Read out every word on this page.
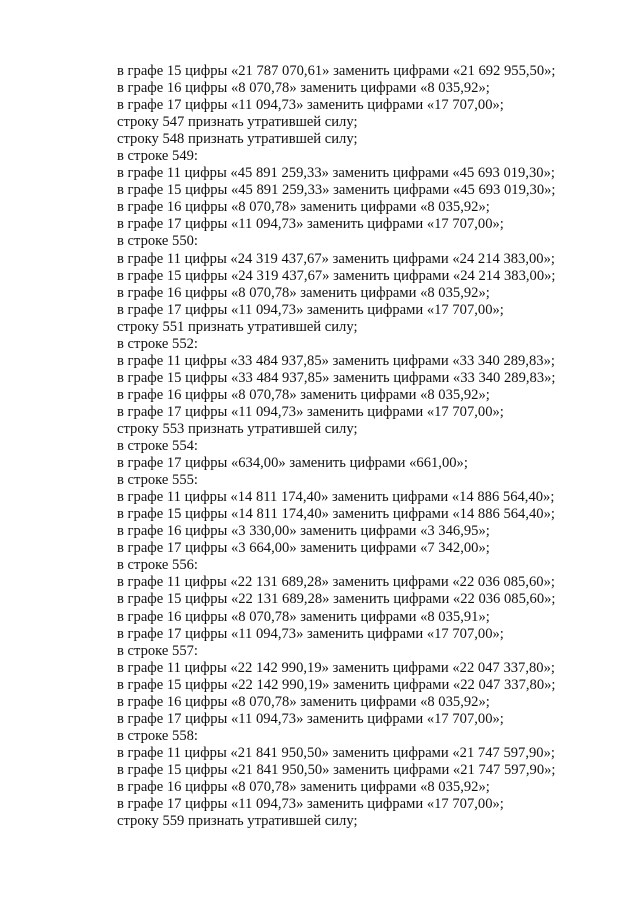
в графе 15 цифры «21 787 070,61» заменить цифрами «21 692 955,50»;
в графе 16 цифры «8 070,78» заменить цифрами «8 035,92»;
в графе 17 цифры «11 094,73» заменить цифрами «17 707,00»;
строку 547 признать утратившей силу;
строку 548 признать утратившей силу;
в строке 549:
в графе 11 цифры «45 891 259,33» заменить цифрами «45 693 019,30»;
в графе 15 цифры «45 891 259,33» заменить цифрами «45 693 019,30»;
в графе 16 цифры «8 070,78» заменить цифрами «8 035,92»;
в графе 17 цифры «11 094,73» заменить цифрами «17 707,00»;
в строке 550:
в графе 11 цифры «24 319 437,67» заменить цифрами «24 214 383,00»;
в графе 15 цифры «24 319 437,67» заменить цифрами «24 214 383,00»;
в графе 16 цифры «8 070,78» заменить цифрами «8 035,92»;
в графе 17 цифры «11 094,73» заменить цифрами «17 707,00»;
строку 551 признать утратившей силу;
в строке 552:
в графе 11 цифры «33 484 937,85» заменить цифрами «33 340 289,83»;
в графе 15 цифры «33 484 937,85» заменить цифрами «33 340 289,83»;
в графе 16 цифры «8 070,78» заменить цифрами «8 035,92»;
в графе 17 цифры «11 094,73» заменить цифрами «17 707,00»;
строку 553 признать утратившей силу;
в строке 554:
в графе 17 цифры «634,00» заменить цифрами «661,00»;
в строке 555:
в графе 11 цифры «14 811 174,40» заменить цифрами «14 886 564,40»;
в графе 15 цифры «14 811 174,40» заменить цифрами «14 886 564,40»;
в графе 16 цифры «3 330,00» заменить цифрами «3 346,95»;
в графе 17 цифры «3 664,00» заменить цифрами «7 342,00»;
в строке 556:
в графе 11 цифры «22 131 689,28» заменить цифрами «22 036 085,60»;
в графе 15 цифры «22 131 689,28» заменить цифрами «22 036 085,60»;
в графе 16 цифры «8 070,78» заменить цифрами «8 035,91»;
в графе 17 цифры «11 094,73» заменить цифрами «17 707,00»;
в строке 557:
в графе 11 цифры «22 142 990,19» заменить цифрами «22 047 337,80»;
в графе 15 цифры «22 142 990,19» заменить цифрами «22 047 337,80»;
в графе 16 цифры «8 070,78» заменить цифрами «8 035,92»;
в графе 17 цифры «11 094,73» заменить цифрами «17 707,00»;
в строке 558:
в графе 11 цифры «21 841 950,50» заменить цифрами «21 747 597,90»;
в графе 15 цифры «21 841 950,50» заменить цифрами «21 747 597,90»;
в графе 16 цифры «8 070,78» заменить цифрами «8 035,92»;
в графе 17 цифры «11 094,73» заменить цифрами «17 707,00»;
строку 559 признать утратившей силу;
